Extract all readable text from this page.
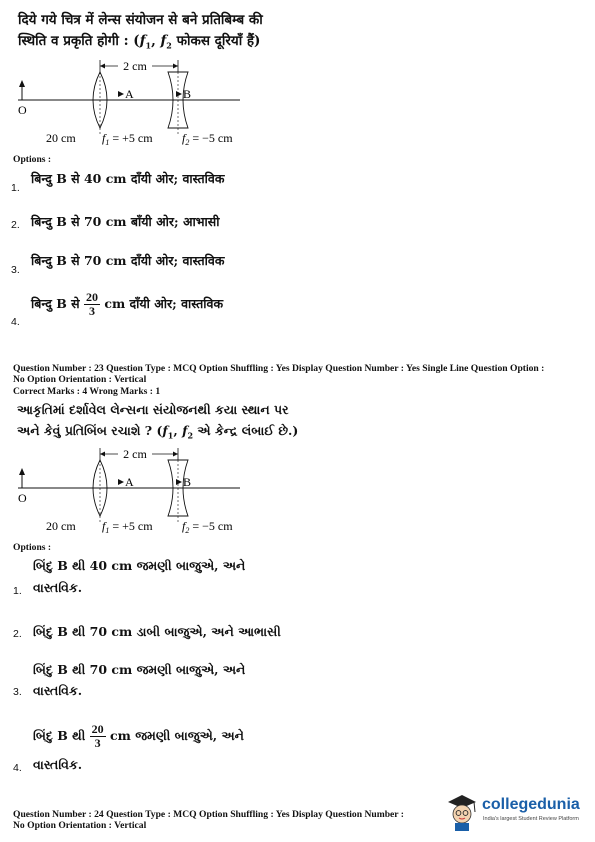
दिये गये चित्र में लेन्स संयोजन से बने प्रतिबिम्ब की
स्थिति व प्रकृति होगी : ($f_1$, $f_2$ फोकस दूरियाँ हैं)
2 cm
O
A	B
20 cm $f_1 = +5$ cm $f_2 = -5$ cm
Options :
बिन्दु B से 40 cm दाँयी ओर; वास्तविक
1.
बिन्दु B से 70 cm बाँयी ओर; आभासी
2.
बिन्दु B से 70 cm दाँयी ओर; वास्तविक
3.
बिन्दु B से $\frac{20}{3}$ cm दाँयी ओर; वास्तविक
4.
Question Number : 23 Question Type : MCQ Option Shuffling : Yes Display Question Number : Yes Single Line Question Option :
No Option Orientation : Vertical
Correct Marks : 4 Wrong Marks : 1
આકૃતિમાં દર્શાવેલ લેન્સના સંયોજનથી કયા સ્થાન પર
અને કેવું પ્રતિબિંબ રચાશે ? ($f_1$, $f_2$ એ કેન્દ્ર લંબાઈ છે.)
2 cm
O
A	B
20 cm $f_1 = +5$ cm $f_2 = -5$ cm
Options :
બિંદુ B થી 40 cm જમણી બાજુએ, અને
વાસ્તવિક.
1.
બિંદુ B થી 70 cm ડાબી બાજુએ, અને આભાસી
2.
બિંદુ B થી 70 cm જમણી બાજુએ, અને
વાસ્તવિક.
3.
બિંદુ B થી $\frac{20}{3}$ cm જમણી બાજુએ, અને
વાસ્તવિક.
4.
Question Number : 24 Question Type : MCQ Option Shuffling : Yes Display Question Number :
No Option Orientation : Vertical
collegedunia
India's largest Student Review Platform
